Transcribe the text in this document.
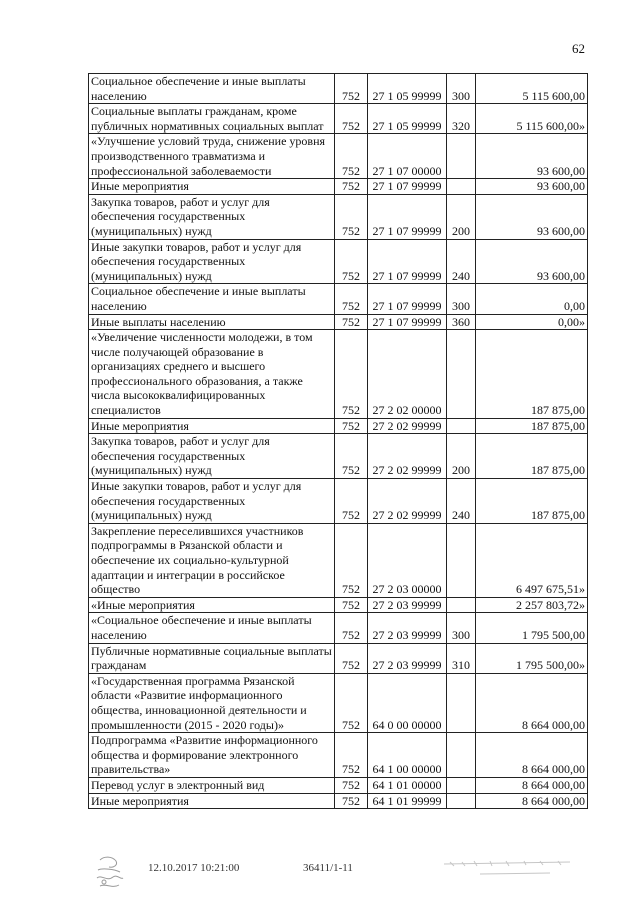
62
Социальное обеспечение и иные выплаты населению	752	27 1 05 99999	300	5 115 600,00
Социальные выплаты гражданам, кроме публичных нормативных социальных выплат	752	27 1 05 99999	320	5 115 600,00»
«Улучшение условий труда, снижение уровня производственного травматизма и профессиональной заболеваемости	752	27 1 07 00000		93 600,00
Иные мероприятия	752	27 1 07 99999		93 600,00
Закупка товаров, работ и услуг для обеспечения государственных (муниципальных) нужд	752	27 1 07 99999	200	93 600,00
Иные закупки товаров, работ и услуг для обеспечения государственных (муниципальных) нужд	752	27 1 07 99999	240	93 600,00
Социальное обеспечение и иные выплаты населению	752	27 1 07 99999	300	0,00
Иные выплаты населению	752	27 1 07 99999	360	0,00»
«Увеличение численности молодежи, в том числе получающей образование в организациях среднего и высшего профессионального образования, а также числа высококвалифицированных специалистов	752	27 2 02 00000		187 875,00
Иные мероприятия	752	27 2 02 99999		187 875,00
Закупка товаров, работ и услуг для обеспечения государственных (муниципальных) нужд	752	27 2 02 99999	200	187 875,00
Иные закупки товаров, работ и услуг для обеспечения государственных (муниципальных) нужд	752	27 2 02 99999	240	187 875,00
Закрепление переселившихся участников подпрограммы в Рязанской области и обеспечение их социально-культурной адаптации и интеграции в российское общество	752	27 2 03 00000		6 497 675,51»
«Иные мероприятия	752	27 2 03 99999		2 257 803,72»
«Социальное обеспечение и иные выплаты населению	752	27 2 03 99999	300	1 795 500,00
Публичные нормативные социальные выплаты гражданам	752	27 2 03 99999	310	1 795 500,00»
«Государственная программа Рязанской области «Развитие информационного общества, инновационной деятельности и промышленности (2015 - 2020 годы)»	752	64 0 00 00000		8 664 000,00
Подпрограмма «Развитие информационного общества и формирование электронного правительства»	752	64 1 00 00000		8 664 000,00
Перевод услуг в электронный вид	752	64 1 01 00000		8 664 000,00
Иные мероприятия	752	64 1 01 99999		8 664 000,00
12.10.2017 10:21:00	36411/1-11
